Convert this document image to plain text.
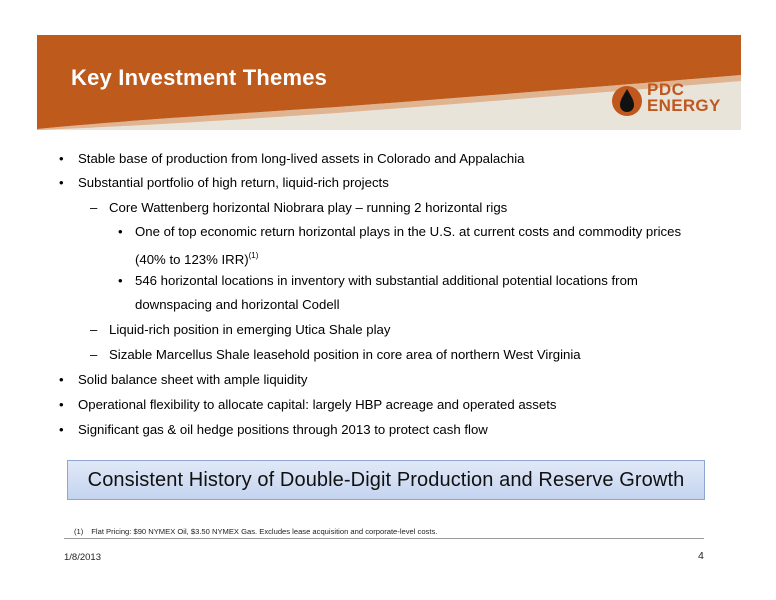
Key Investment Themes	PDC
ENERGY
• Stable base of production from long-lived assets in Colorado and Appalachia
• Substantial portfolio of high return, liquid-rich projects
– Core Wattenberg horizontal Niobrara play – running 2 horizontal rigs
• One of top economic return horizontal plays in the U.S. at current costs and commodity prices
(40% to 123% IRR)$^{(1)}$
• 546 horizontal locations in inventory with substantial additional potential locations from
downspacing and horizontal Codell
– Liquid-rich position in emerging Utica Shale play
– Sizable Marcellus Shale leasehold position in core area of northern West Virginia
• Solid balance sheet with ample liquidity
• Operational flexibility to allocate capital: largely HBP acreage and operated assets
• Significant gas & oil hedge positions through 2013 to protect cash flow
Consistent History of Double-Digit Production and Reserve Growth
(1) Flat Pricing: $90 NYMEX Oil, $3.50 NYMEX Gas. Excludes lease acquisition and corporate-level costs.
1/8/2013	4
